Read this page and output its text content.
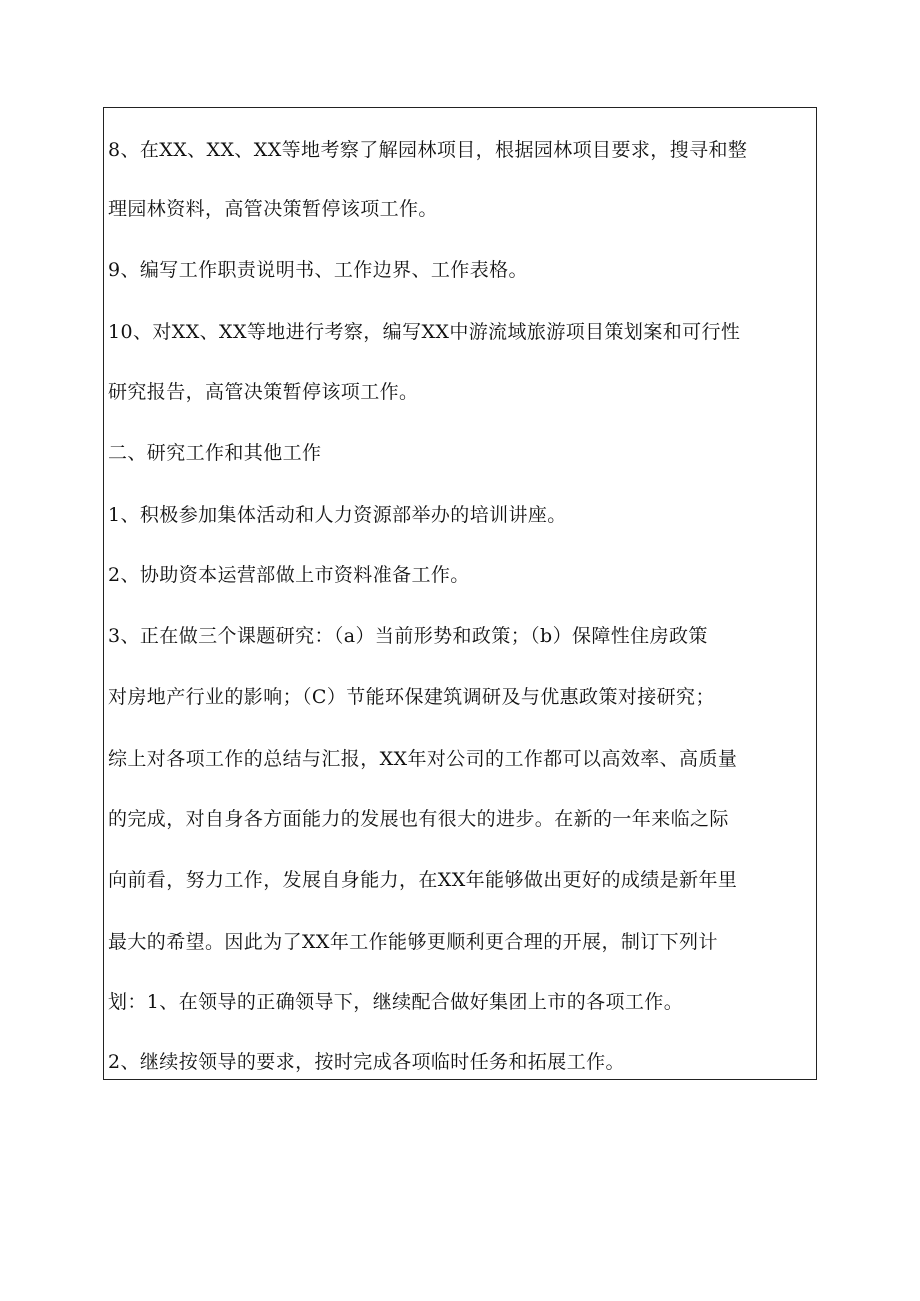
8、在XX、XX、XX等地考察了解园林项目，根据园林项目要求，搜寻和整
理园林资料，高管决策暂停该项工作。
9、编写工作职责说明书、工作边界、工作表格。
10、对XX、XX等地进行考察，编写XX中游流域旅游项目策划案和可行性
研究报告，高管决策暂停该项工作。
二、研究工作和其他工作
1、积极参加集体活动和人力资源部举办的培训讲座。
2、协助资本运营部做上市资料准备工作。
3、正在做三个课题研究：（a）当前形势和政策；（b）保障性住房政策
对房地产行业的影响；（C）节能环保建筑调研及与优惠政策对接研究；
综上对各项工作的总结与汇报，XX年对公司的工作都可以高效率、高质量
的完成，对自身各方面能力的发展也有很大的进步。在新的一年来临之际
向前看，努力工作，发展自身能力，在XX年能够做出更好的成绩是新年里
最大的希望。因此为了XX年工作能够更顺利更合理的开展，制订下列计
划：1、在领导的正确领导下，继续配合做好集团上市的各项工作。
2、继续按领导的要求，按时完成各项临时任务和拓展工作。
